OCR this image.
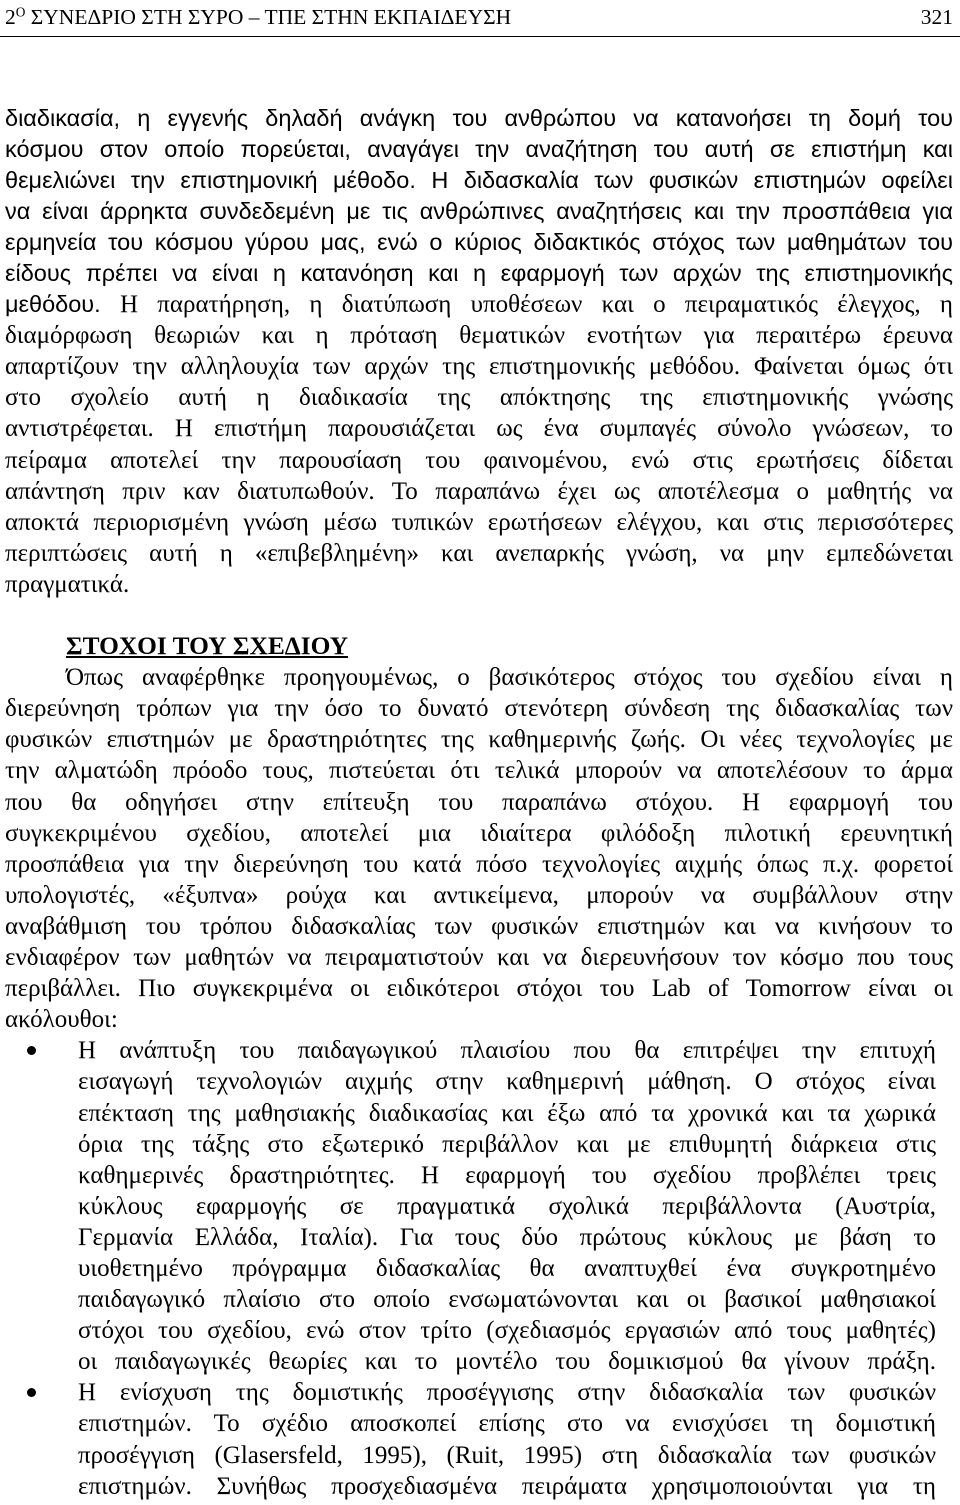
$2^O$ ΣΥΝΕΔΡΙΟ ΣΤΗ ΣΥΡΟ – ΤΠΕ ΣΤΗΝ ΕΚΠΑΙΔΕΥΣΗ	321
διαδικασία, η εγγενής δηλαδή ανάγκη του ανθρώπου να κατανοήσει τη δομή του
κόσμου στον οποίο πορεύεται, αναγάγει την αναζήτηση του αυτή σε επιστήμη και
θεμελιώνει την επιστημονική μέθοδο. Η διδασκαλία των φυσικών επιστημών οφείλει
να είναι άρρηκτα συνδεδεμένη με τις ανθρώπινες αναζητήσεις και την προσπάθεια για
ερμηνεία του κόσμου γύρου μας, ενώ ο κύριος διδακτικός στόχος των μαθημάτων του
είδους πρέπει να είναι η κατανόηση και η εφαρμογή των αρχών της επιστημονικής
μεθόδου. Η παρατήρηση, η διατύπωση υποθέσεων και ο πειραματικός έλεγχος, η
διαμόρφωση θεωριών και η πρόταση θεματικών ενοτήτων για περαιτέρω έρευνα
απαρτίζουν την αλληλουχία των αρχών της επιστημονικής μεθόδου. Φαίνεται όμως ότι
στο σχολείο αυτή η διαδικασία της απόκτησης της επιστημονικής γνώσης
αντιστρέφεται. Η επιστήμη παρουσιάζεται ως ένα συμπαγές σύνολο γνώσεων, το
πείραμα αποτελεί την παρουσίαση του φαινομένου, ενώ στις ερωτήσεις δίδεται
απάντηση πριν καν διατυπωθούν. Το παραπάνω έχει ως αποτέλεσμα ο μαθητής να
αποκτά περιορισμένη γνώση μέσω τυπικών ερωτήσεων ελέγχου, και στις περισσότερες
περιπτώσεις αυτή η «επιβεβλημένη» και ανεπαρκής γνώση, να μην εμπεδώνεται
πραγματικά.
ΣΤΟΧΟΙ ΤΟΥ ΣΧΕΔΙΟΥ
Όπως αναφέρθηκε προηγουμένως, ο βασικότερος στόχος του σχεδίου είναι η
διερεύνηση τρόπων για την όσο το δυνατό στενότερη σύνδεση της διδασκαλίας των
φυσικών επιστημών με δραστηριότητες της καθημερινής ζωής. Οι νέες τεχνολογίες με
την αλματώδη πρόοδο τους, πιστεύεται ότι τελικά μπορούν να αποτελέσουν το άρμα
που θα οδηγήσει στην επίτευξη του παραπάνω στόχου. Η εφαρμογή του
συγκεκριμένου σχεδίου, αποτελεί μια ιδιαίτερα φιλόδοξη πιλοτική ερευνητική
προσπάθεια για την διερεύνηση του κατά πόσο τεχνολογίες αιχμής όπως π.χ. φορετοί
υπολογιστές, «έξυπνα» ρούχα και αντικείμενα, μπορούν να συμβάλλουν στην
αναβάθμιση του τρόπου διδασκαλίας των φυσικών επιστημών και να κινήσουν το
ενδιαφέρον των μαθητών να πειραματιστούν και να διερευνήσουν τον κόσμο που τους
περιβάλλει. Πιο συγκεκριμένα οι ειδικότεροι στόχοι του Lab of Tomorrow είναι οι
ακόλουθοι:
Η ανάπτυξη του παιδαγωγικού πλαισίου που θα επιτρέψει την επιτυχή
εισαγωγή τεχνολογιών αιχμής στην καθημερινή μάθηση. Ο στόχος είναι
επέκταση της μαθησιακής διαδικασίας και έξω από τα χρονικά και τα χωρικά
όρια της τάξης στο εξωτερικό περιβάλλον και με επιθυμητή διάρκεια στις
καθημερινές δραστηριότητες. Η εφαρμογή του σχεδίου προβλέπει τρεις
κύκλους εφαρμογής σε πραγματικά σχολικά περιβάλλοντα (Αυστρία,
Γερμανία Ελλάδα, Ιταλία). Για τους δύο πρώτους κύκλους με βάση το
υιοθετημένο πρόγραμμα διδασκαλίας θα αναπτυχθεί ένα συγκροτημένο
παιδαγωγικό πλαίσιο στο οποίο ενσωματώνονται και οι βασικοί μαθησιακοί
στόχοι του σχεδίου, ενώ στον τρίτο (σχεδιασμός εργασιών από τους μαθητές)
οι παιδαγωγικές θεωρίες και το μοντέλο του δομικισμού θα γίνουν πράξη.
Η ενίσχυση της δομιστικής προσέγγισης στην διδασκαλία των φυσικών
επιστημών. Το σχέδιο αποσκοπεί επίσης στο να ενισχύσει τη δομιστική
προσέγγιση (Glasersfeld, 1995), (Ruit, 1995) στη διδασκαλία των φυσικών
επιστημών. Συνήθως προσχεδιασμένα πειράματα χρησιμοποιούνται για τη
